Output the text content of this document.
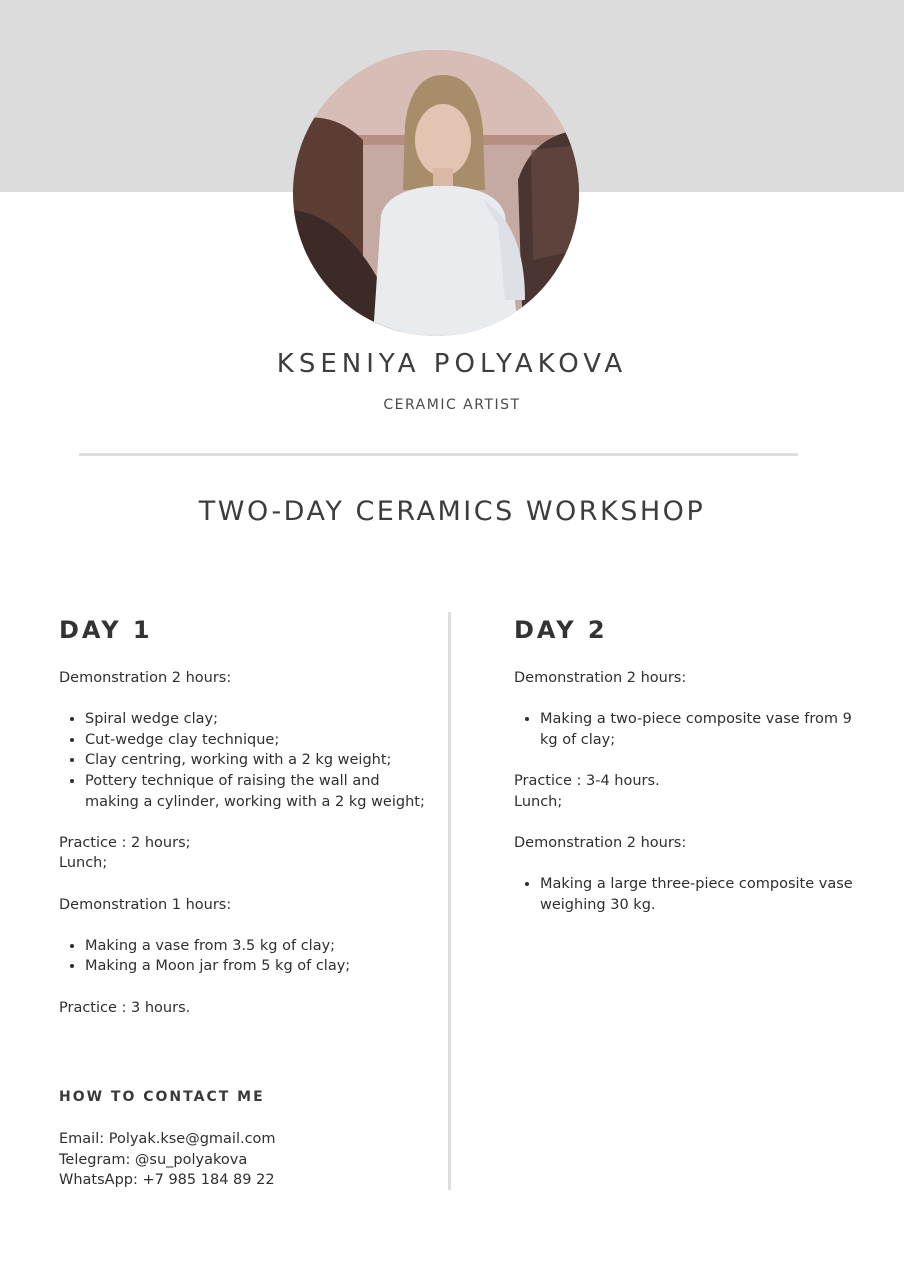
KSENIYA POLYAKOVA
CERAMIC ARTIST
TWO-DAY CERAMICS WORKSHOP
DAY 1

Demonstration 2 hours:

• Spiral wedge clay;
• Cut-wedge clay technique;
• Clay centring, working with a 2 kg weight;
• Pottery technique of raising the wall and making a cylinder, working with a 2 kg weight;

Practice : 2 hours;

Lunch;

Demonstration 1 hours:

• Making a vase from 3.5 kg of clay;
• Making a Moon jar from 5 kg of clay;

Practice : 3 hours.

DAY 2

Demonstration 2 hours:

• Making a two-piece composite vase from 9 kg of clay;

Practice : 3-4 hours.

Lunch;

Demonstration 2 hours:

• Making a large three-piece composite vase weighing 30 kg.
HOW TO CONTACT ME
Email: Polyak.kse@gmail.com
Telegram: @su_polyakova
WhatsApp: +7 985 184 89 22
